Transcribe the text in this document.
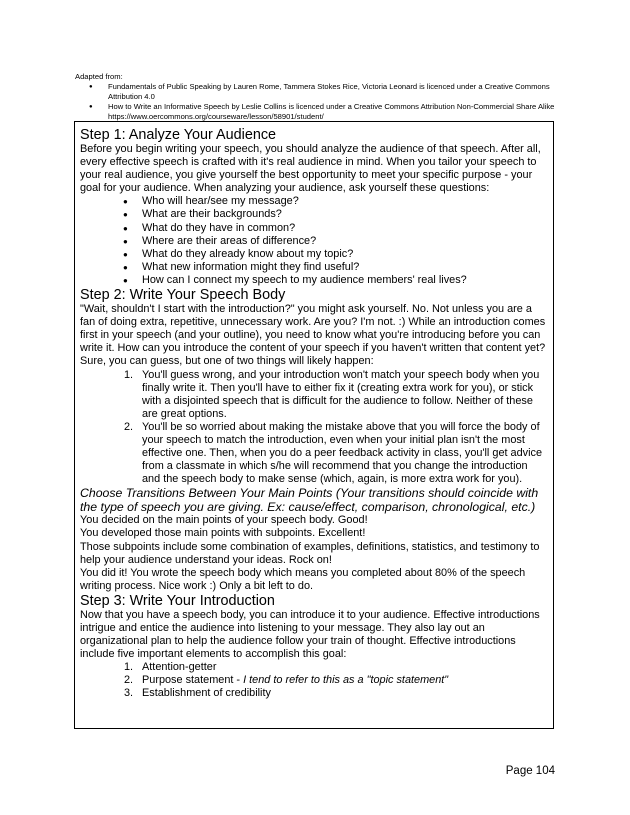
Adapted from:
● Fundamentals of Public Speaking by Lauren Rome, Tammera Stokes Rice, Victoria Leonard is licenced under a Creative Commons Attribution 4.0
● How to Write an Informative Speech by Leslie Collins is licenced under a Creative Commons Attribution Non-Commercial Share Alike https://www.oercommons.org/courseware/lesson/58901/student/
Step 1: Analyze Your Audience

Before you begin writing your speech, you should analyze the audience of that speech. After all, every effective speech is crafted with it's real audience in mind. When you tailor your speech to your real audience, you give yourself the best opportunity to meet your specific purpose - your goal for your audience. When analyzing your audience, ask yourself these questions:

● Who will hear/see my message?
● What are their backgrounds?
● What do they have in common?
● Where are their areas of difference?
● What do they already know about my topic?
● What new information might they find useful?
● How can I connect my speech to my audience members' real lives?
Step 2: Write Your Speech Body

"Wait, shouldn't I start with the introduction?" you might ask yourself. No. Not unless you are a fan of doing extra, repetitive, unnecessary work. Are you? I'm not. :) While an introduction comes first in your speech (and your outline), you need to know what you're introducing before you can write it. How can you introduce the content of your speech if you haven't written that content yet? Sure, you can guess, but one of two things will likely happen:

1. You'll guess wrong, and your introduction won't match your speech body when you finally write it. Then you'll have to either fix it (creating extra work for you), or stick with a disjointed speech that is difficult for the audience to follow. Neither of these are great options.
2. You'll be so worried about making the mistake above that you will force the body of your speech to match the introduction, even when your initial plan isn't the most effective one. Then, when you do a peer feedback activity in class, you'll get advice from a classmate in which s/he will recommend that you change the introduction and the speech body to make sense (which, again, is more extra work for you).

Choose Transitions Between Your Main Points (Your transitions should coincide with the type of speech you are giving. Ex: cause/effect, comparison, chronological, etc.)

You decided on the main points of your speech body. Good!

You developed those main points with subpoints. Excellent!

Those subpoints include some combination of examples, definitions, statistics, and testimony to help your audience understand your ideas. Rock on!

You did it! You wrote the speech body which means you completed about 80% of the speech writing process. Nice work :) Only a bit left to do.

Step 3: Write Your Introduction

Now that you have a speech body, you can introduce it to your audience. Effective introductions intrigue and entice the audience into listening to your message. They also lay out an organizational plan to help the audience follow your train of thought. Effective introductions include five important elements to accomplish this goal:

1. Attention-getter
2. Purpose statement - I tend to refer to this as a "topic statement"
3. Establishment of credibility
Page 104
